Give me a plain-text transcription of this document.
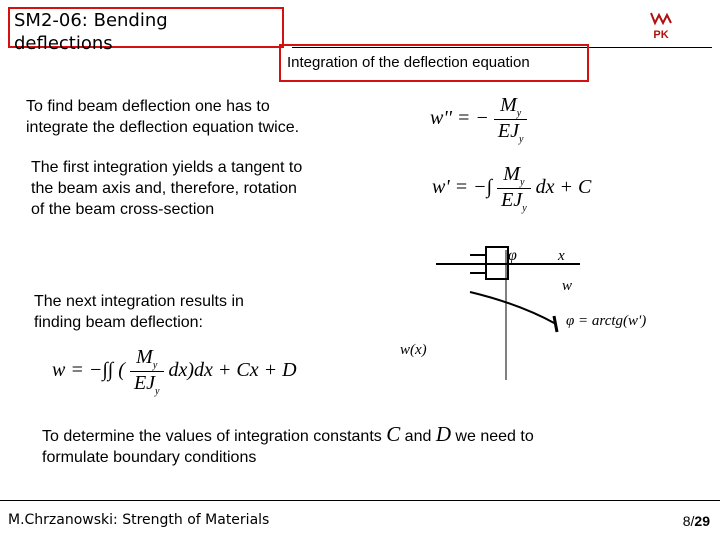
SM2-06: Bending
deflections
Integration of the deflection equation
PK
To find beam deflection one has to
integrate the deflection equation twice.	w'' = − $\frac{M_y}{EJ_y}$
The first integration yields a tangent to
the beam axis and, therefore, rotation
of the beam cross-section
w' = −∫ $\frac{M_y}{EJ_y}$ dx + C
φ	x
w
φ = arctg(w')
w(x)
The next integration results in
finding beam deflection:
w = −∫∫ ( $\frac{M_y}{EJ_y} dx)dx + Cx + D$
To determine the values of integration constants C and D we need to
formulate boundary conditions
M.Chrzanowski: Strength of Materials	8/29
